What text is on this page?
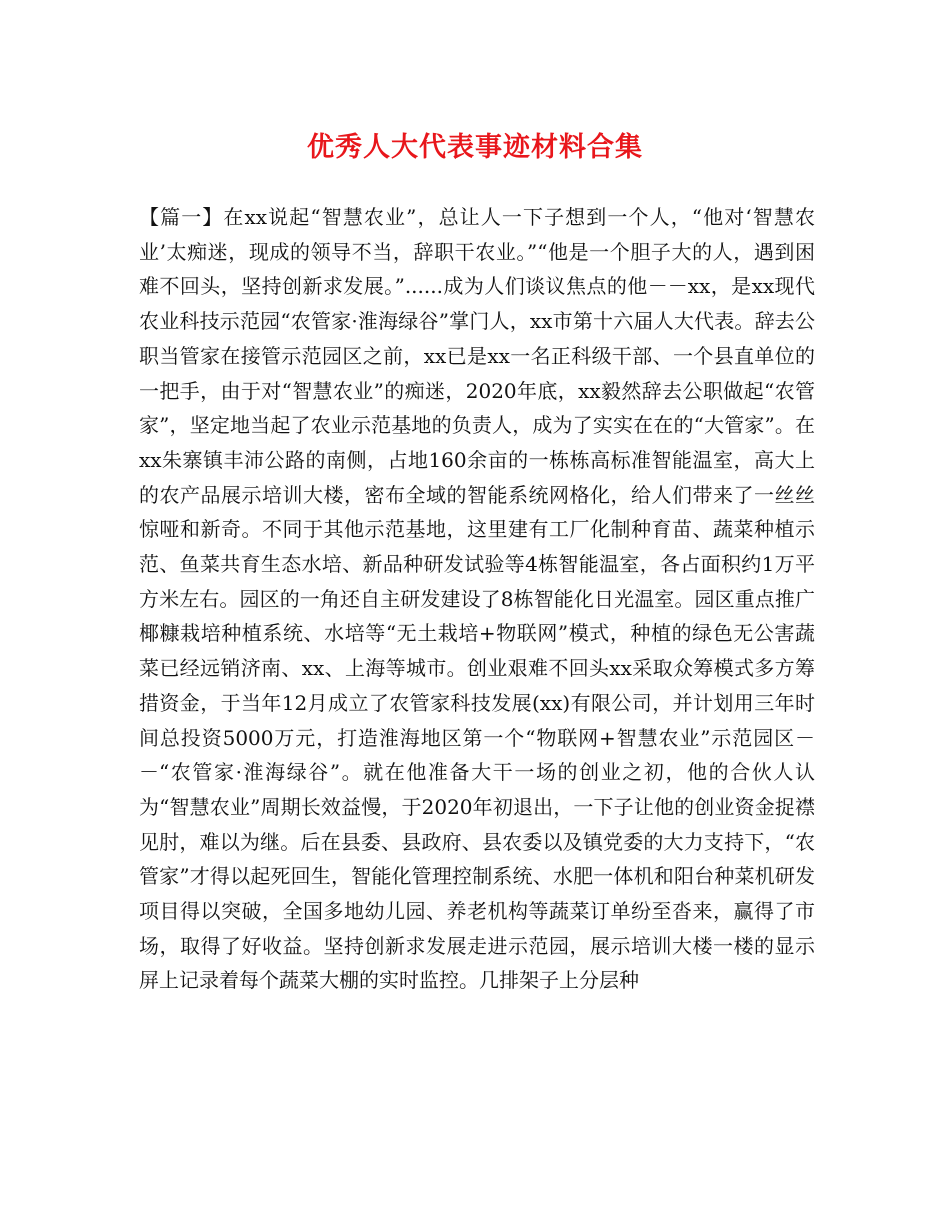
优秀人大代表事迹材料合集

【篇一】在xx说起“智慧农业”，总让人一下子想到一个人，“他对‘智慧农业’太痴迷，现成的领导不当，辞职干农业。”“他是一个胆子大的人，遇到困难不回头，坚持创新求发展。”......成为人们谈议焦点的他－－xx，是xx现代农业科技示范园“农管家·淮海绿谷”掌门人，xx市第十六届人大代表。辞去公职当管家在接管示范园区之前，xx已是xx一名正科级干部、一个县直单位的一把手，由于对“智慧农业”的痴迷，2020年底，xx毅然辞去公职做起“农管家”，坚定地当起了农业示范基地的负责人，成为了实实在在的“大管家”。在xx朱寨镇丰沛公路的南侧，占地160余亩的一栋栋高标准智能温室，高大上的农产品展示培训大楼，密布全域的智能系统网格化，给人们带来了一丝丝惊哑和新奇。不同于其他示范基地，这里建有工厂化制种育苗、蔬菜种植示范、鱼菜共育生态水培、新品种研发试验等4栋智能温室，各占面积约1万平方米左右。园区的一角还自主研发建设了8栋智能化日光温室。园区重点推广椰糠栽培种植系统、水培等“无土栽培+物联网”模式，种植的绿色无公害蔬菜已经远销济南、xx、上海等城市。创业艰难不回头xx采取众筹模式多方筹措资金，于当年12月成立了农管家科技发展(xx)有限公司，并计划用三年时间总投资5000万元，打造淮海地区第一个“物联网+智慧农业”示范园区－－“农管家·淮海绿谷”。就在他准备大干一场的创业之初，他的合伙人认为“智慧农业”周期长效益慢，于2020年初退出，一下子让他的创业资金捉襟见肘，难以为继。后在县委、县政府、县农委以及镇党委的大力支持下，“农管家”才得以起死回生，智能化管理控制系统、水肥一体机和阳台种菜机研发项目得以突破，全国多地幼儿园、养老机构等蔬菜订单纷至沓来，赢得了市场，取得了好收益。坚持创新求发展走进示范园，展示培训大楼一楼的显示屏上记录着每个蔬菜大棚的实时监控。几排架子上分层种
